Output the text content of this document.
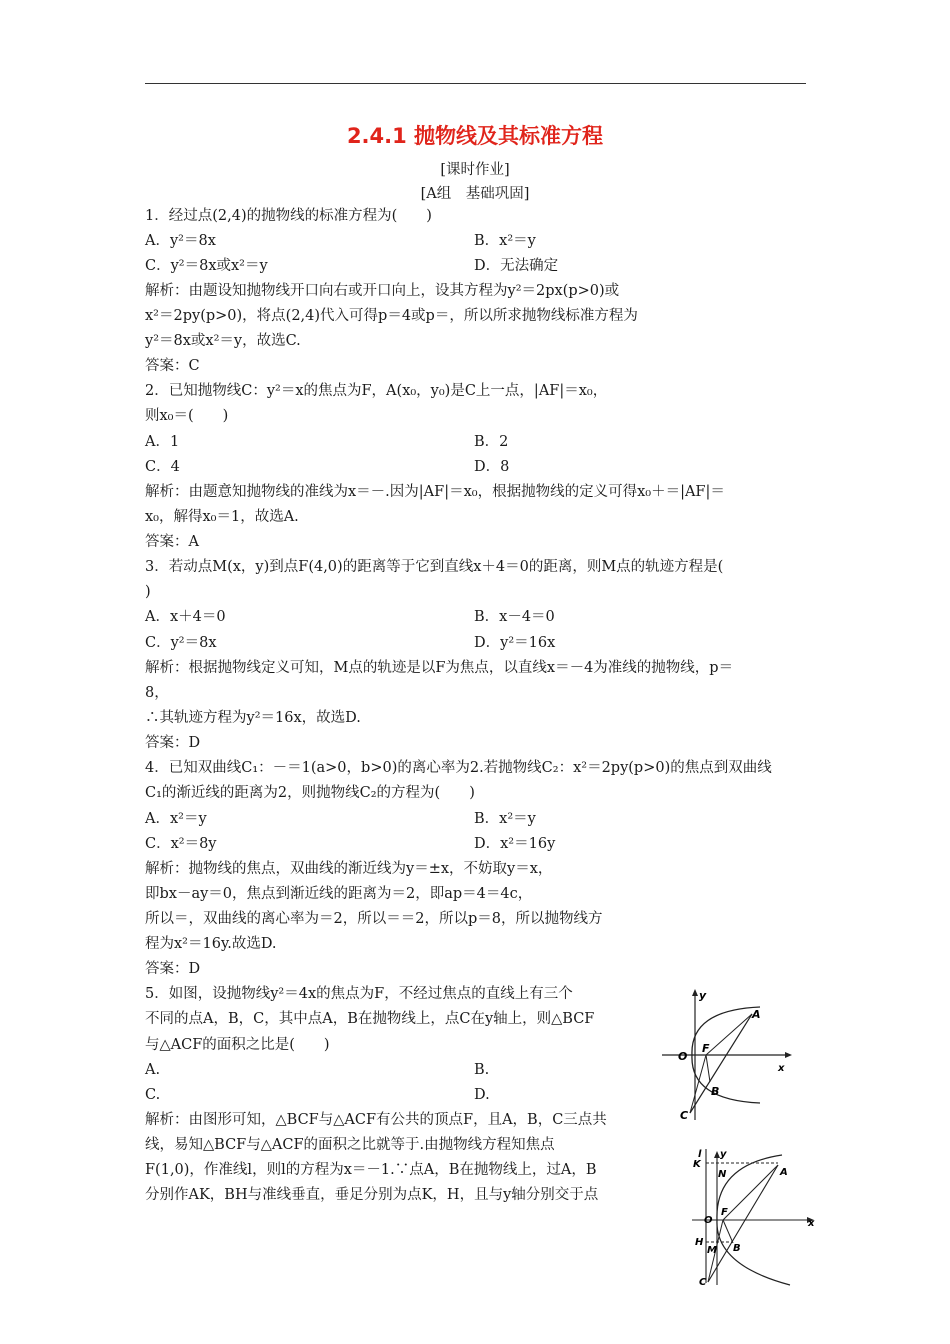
2.4.1 抛物线及其标准方程
[课时作业]
[A组　基础巩固]
1．经过点(2,4)的抛物线的标准方程为(　　)
A．y²＝8x	B．x²＝y
C．y²＝8x或x²＝y	D．无法确定
解析：由题设知抛物线开口向右或开口向上，设其方程为y²＝2px(p>0)或
x²＝2py(p>0)，将点(2,4)代入可得p＝4或p＝，所以所求抛物线标准方程为
y²＝8x或x²＝y，故选C.
答案：C
2．已知抛物线C：y²＝x的焦点为F，A(x₀，y₀)是C上一点，|AF|＝x₀，
则x₀＝(　　)
A．1	B．2
C．4	D．8
解析：由题意知抛物线的准线为x＝－.因为|AF|＝x₀，根据抛物线的定义可得x₀＋＝|AF|＝
x₀，解得x₀＝1，故选A.
答案：A
3．若动点M(x，y)到点F(4,0)的距离等于它到直线x＋4＝0的距离，则M点的轨迹方程是(
)
A．x＋4＝0	B．x－4＝0
C．y²＝8x	D．y²＝16x
解析：根据抛物线定义可知，M点的轨迹是以F为焦点，以直线x＝－4为准线的抛物线，p＝
8，
∴其轨迹方程为y²＝16x，故选D.
答案：D
4．已知双曲线C₁：－＝1(a>0，b>0)的离心率为2.若抛物线C₂：x²＝2py(p>0)的焦点到双曲线
C₁的渐近线的距离为2，则抛物线C₂的方程为(　　)
A．x²＝y	B．x²＝y
C．x²＝8y	D．x²＝16y
解析：抛物线的焦点，双曲线的渐近线为y＝±x，不妨取y＝x，
即bx－ay＝0，焦点到渐近线的距离为＝2，即ap＝4＝4c，
所以＝，双曲线的离心率为＝2，所以＝＝2，所以p＝8，所以抛物线方
程为x²＝16y.故选D.
答案：D
5．如图，设抛物线y²＝4x的焦点为F，不经过焦点的直线上有三个
不同的点A，B，C，其中点A，B在抛物线上，点C在y轴上，则△BCF
与△ACF的面积之比是(　　)
A.	B.
C.	D.
解析：由图形可知，△BCF与△ACF有公共的顶点F，且A，B，C三点共
线，易知△BCF与△ACF的面积之比就等于.由抛物线方程知焦点
F(1,0)，作准线l，则l的方程为x＝－1.∵点A，B在抛物线上，过A，B
分别作AK，BH与准线垂直，垂足分别为点K，H，且与y轴分别交于点
y
x
O
F
A
B
C
l y
x
K
N	A
O
F
H
M B
C
